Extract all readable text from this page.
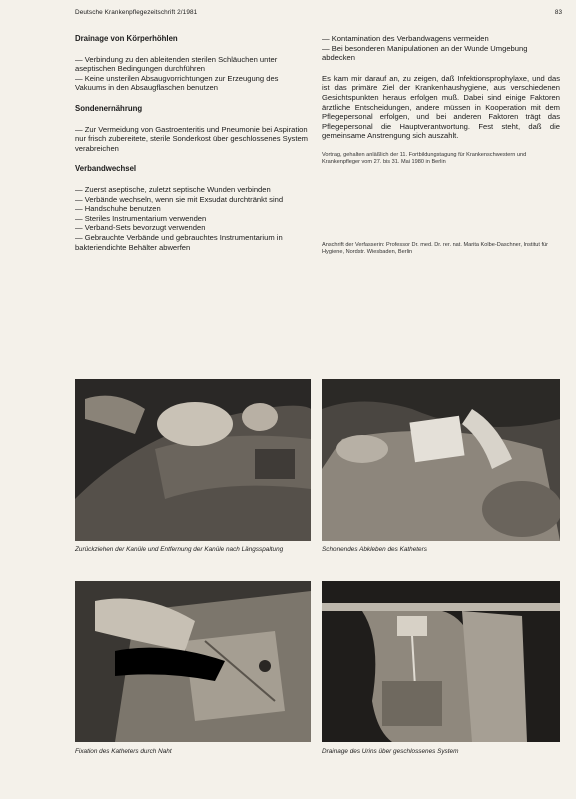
Deutsche Krankenpflegezeitschrift 2/1981	83
Drainage von Körperhöhlen
— Verbindung zu den ableitenden sterilen Schläuchen unter aseptischen Bedingungen durchführen
— Keine unsterilen Absaugvorrichtungen zur Erzeugung des Vakuums in den Absaugflaschen benutzen
Sondenernährung
— Zur Vermeidung von Gastroenteritis und Pneumonie bei Aspiration nur frisch zubereitete, sterile Sonderkost über geschlossenes System verabreichen
Verbandwechsel
— Zuerst aseptische, zuletzt septische Wunden verbinden
— Verbände wechseln, wenn sie mit Exsudat durchtränkt sind
— Handschuhe benutzen
— Steriles Instrumentarium verwenden
— Verband-Sets bevorzugt verwenden
— Gebrauchte Verbände und gebrauchtes Instrumentarium in bakteriendichte Behälter abwerfen
— Kontamination des Verbandwagens vermeiden
— Bei besonderen Manipulationen an der Wunde Umgebung abdecken

Es kam mir darauf an, zu zeigen, daß Infektionsprophylaxe, und das ist das primäre Ziel der Krankenhaushygiene, aus verschiedenen Gesichtspunkten heraus erfolgen muß. Dabei sind einige Faktoren ärztliche Entscheidungen, andere müssen in Kooperation mit dem Pflegepersonal erfolgen, und bei anderen Faktoren trägt das Pflegepersonal die Hauptverantwortung. Fest steht, daß die gemeinsame Anstrengung sich auszahlt.

Vortrag, gehalten anläßlich der 11. Fortbildungstagung für Krankenschwestern und Krankenpfleger vom 27. bis 31. Mai 1980 in Berlin
Anschrift der Verfasserin: Professor Dr. med. Dr. rer. nat. Marita Kolbe-Daschner, Institut für Hygiene, Nordstr. Wiesbaden, Berlin
Zurückziehen der Kanüle und Entfernung der Kanüle nach Längsspaltung	Schonendes Abkleben des Katheters
Fixation des Katheters durch Naht	Drainage des Urins über geschlossenes System
